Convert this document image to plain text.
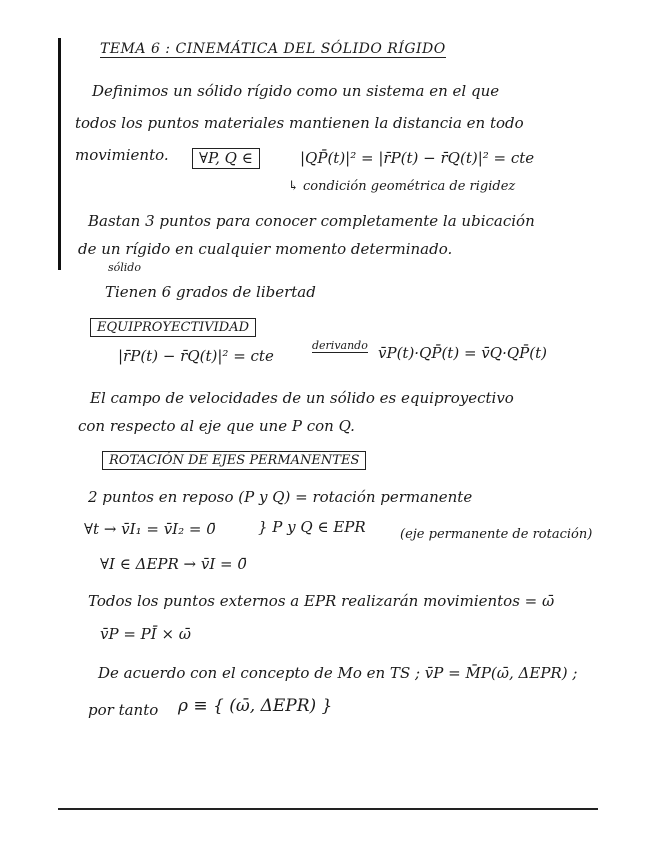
TEMA 6 : CINEMÁTICA DEL SÓLIDO RÍGIDO
Definimos un sólido rígido como un sistema en el que
todos los puntos materiales mantienen la distancia en todo
movimiento.	∀P, Q ∈	|QP̄(t)|² = |r̄P(t) − r̄Q(t)|² = cte
↳ condición geométrica de rigidez
Bastan 3 puntos para conocer completamente la ubicación
de un rígido en cualquier momento determinado.
sólido
Tienen 6 grados de libertad
EQUIPROYECTIVIDAD
|r̄P(t) − r̄Q(t)|² = cte
derivando v̄P(t)·QP̄(t) = v̄Q·QP̄(t)
El campo de velocidades de un sólido es equiproyectivo
con respecto al eje que une P con Q.
ROTACIÓN DE EJES PERMANENTES
2 puntos en reposo (P y Q) = rotación permanente
∀t → v̄I₁ = v̄I₂ = 0̄	} P y Q ∈ EPR	(eje permanente de rotación)
∀I ∈ ΔEPR → v̄I = 0̄
Todos los puntos externos a EPR realizarán movimientos = ω̄
v̄P = PĪ × ω̄
De acuerdo con el concepto de Mo en TS ; v̄P = M̄P(ω̄, ΔEPR) ;
por tanto ρ ≡ { (ω̄, ΔEPR) }
